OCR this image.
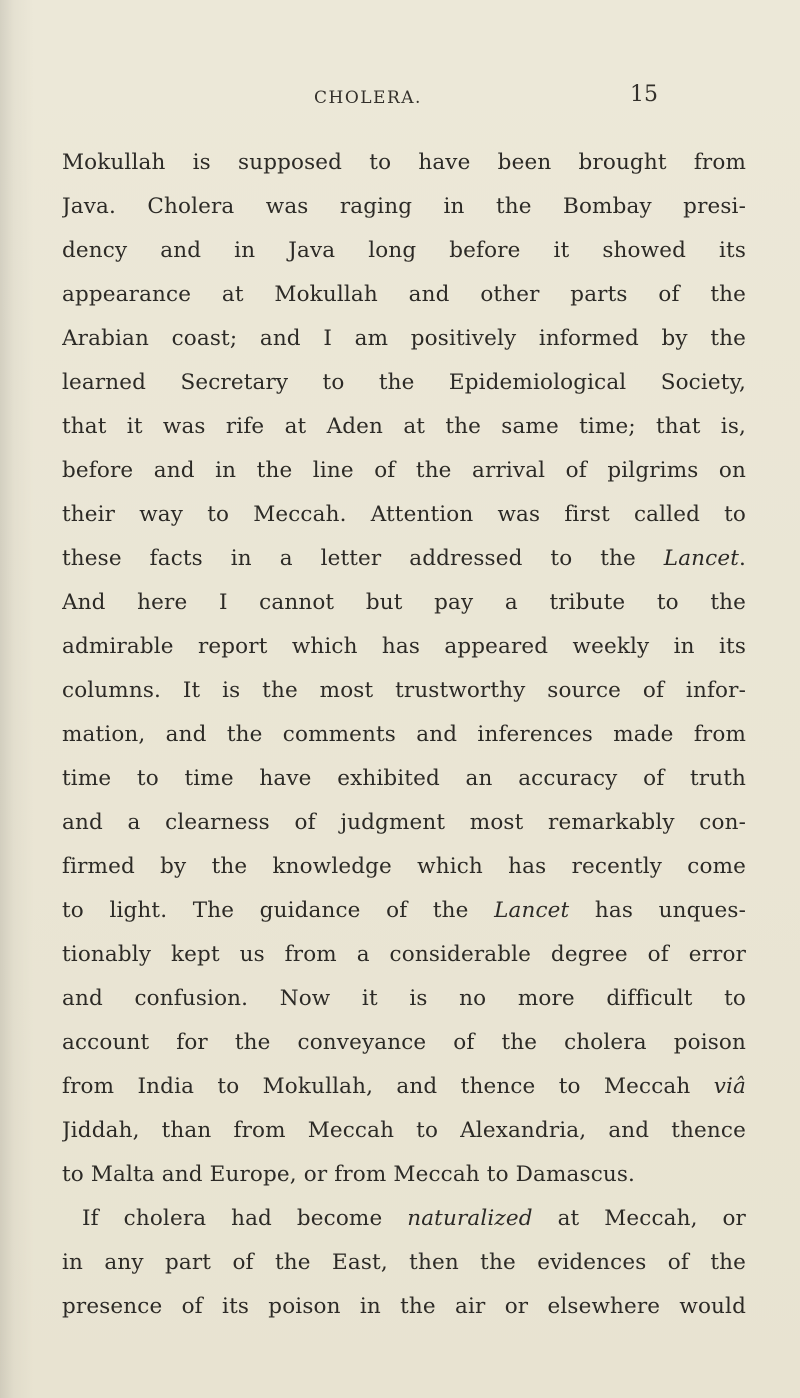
CHOLERA.	15
Mokullah is supposed to have been brought from
Java. Cholera was raging in the Bombay presi-
dency and in Java long before it showed its
appearance at Mokullah and other parts of the
Arabian coast; and I am positively informed by the
learned Secretary to the Epidemiological Society,
that it was rife at Aden at the same time; that is,
before and in the line of the arrival of pilgrims on
their way to Meccah. Attention was first called to
these facts in a letter addressed to the Lancet.
And here I cannot but pay a tribute to the
admirable report which has appeared weekly in its
columns. It is the most trustworthy source of infor-
mation, and the comments and inferences made from
time to time have exhibited an accuracy of truth
and a clearness of judgment most remarkably con-
firmed by the knowledge which has recently come
to light. The guidance of the Lancet has unques-
tionably kept us from a considerable degree of error
and confusion. Now it is no more difficult to
account for the conveyance of the cholera poison
from India to Mokullah, and thence to Meccah viâ
Jiddah, than from Meccah to Alexandria, and thence
to Malta and Europe, or from Meccah to Damascus.
If cholera had become naturalized at Meccah, or
in any part of the East, then the evidences of the
presence of its poison in the air or elsewhere would
